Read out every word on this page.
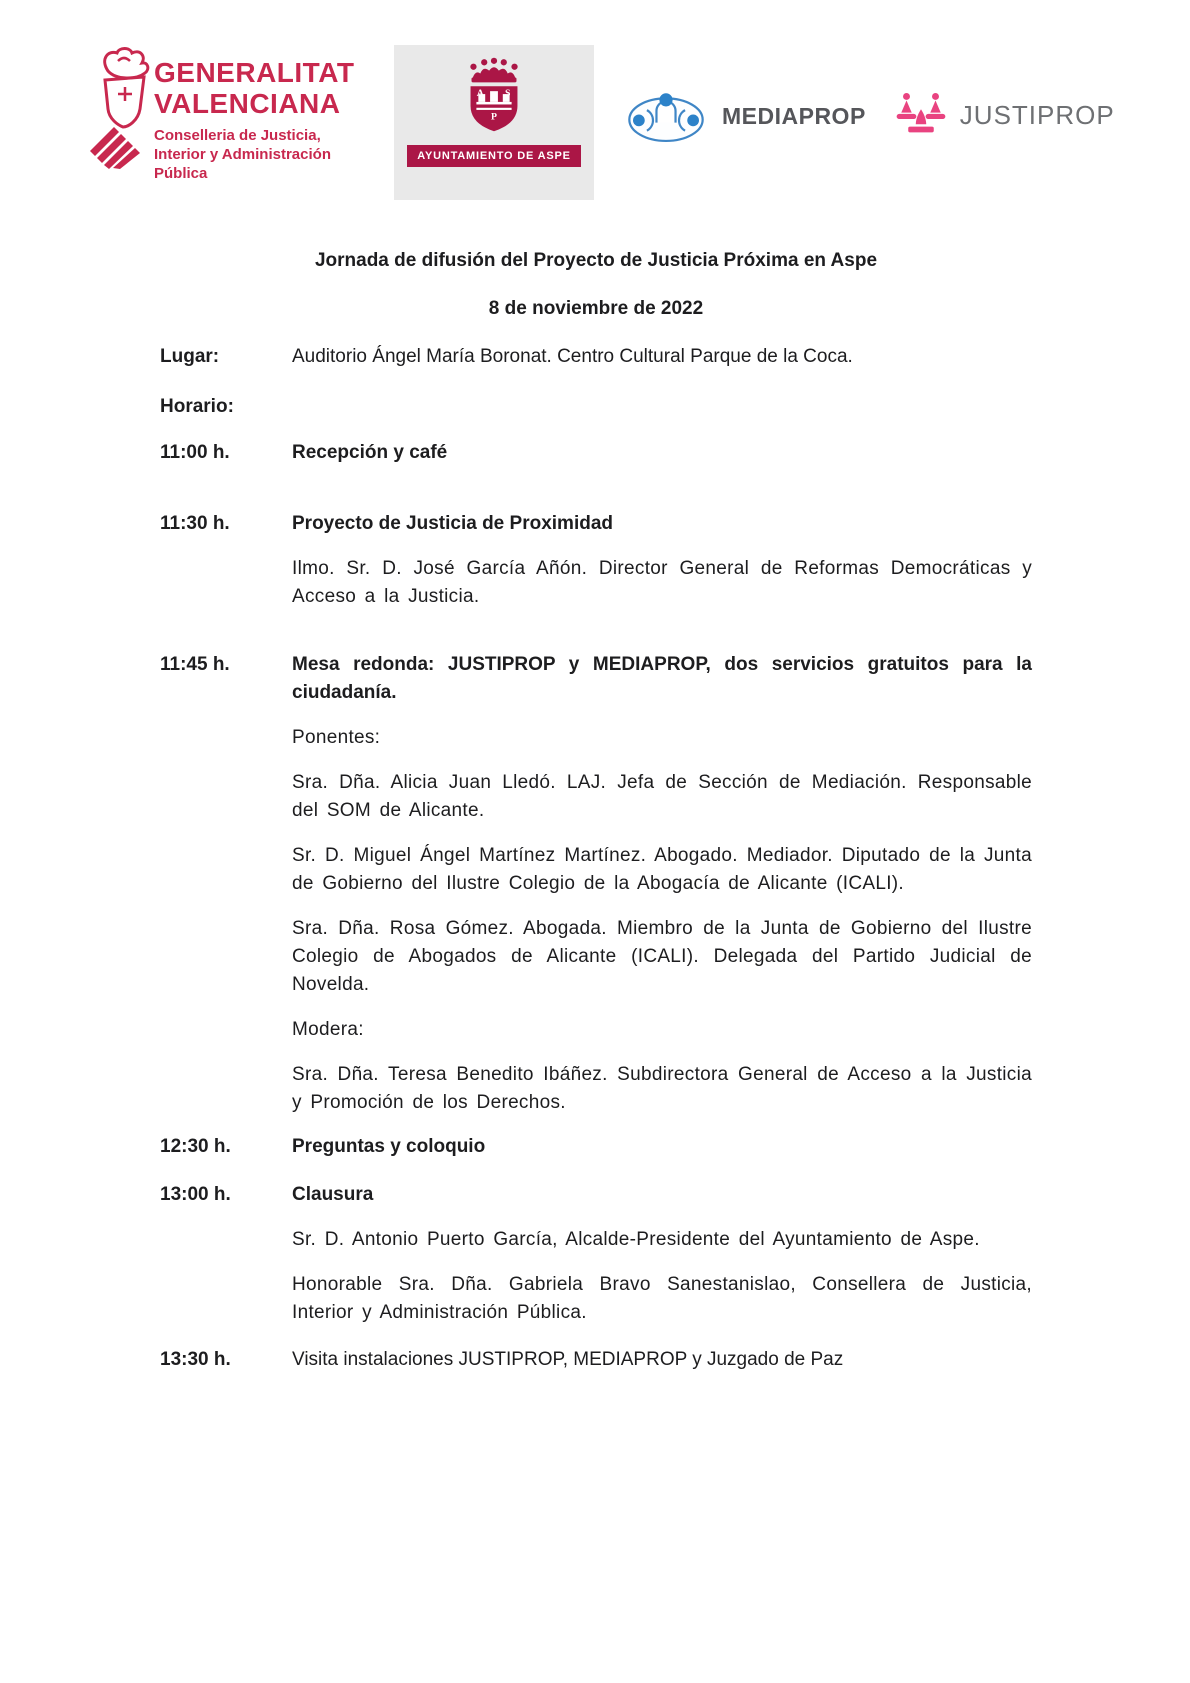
GENERALITAT
VALENCIANA
Conselleria de Justicia,
Interior y Administración Pública
A S
P
AYUNTAMIENTO DE ASPE
MEDIAPROP	JUSTIPROP
Jornada de difusión del Proyecto de Justicia Próxima en Aspe
8 de noviembre de 2022
Lugar:	Auditorio Ángel María Boronat. Centro Cultural Parque de la Coca.
Horario:
11:00 h.	Recepción y café
11:30 h.	Proyecto de Justicia de Proximidad
Ilmo. Sr. D. José García Añón. Director General de Reformas Democráticas y Acceso a la Justicia.
11:45 h.	Mesa redonda: JUSTIPROP y MEDIAPROP, dos servicios gratuitos para la ciudadanía.
Ponentes:
Sra. Dña. Alicia Juan Lledó. LAJ. Jefa de Sección de Mediación. Responsable del SOM de Alicante.
Sr. D. Miguel Ángel Martínez Martínez. Abogado. Mediador. Diputado de la Junta de Gobierno del Ilustre Colegio de la Abogacía de Alicante (ICALI).
Sra. Dña. Rosa Gómez. Abogada. Miembro de la Junta de Gobierno del Ilustre Colegio de Abogados de Alicante (ICALI). Delegada del Partido Judicial de Novelda.
Modera:
Sra. Dña. Teresa Benedito Ibáñez. Subdirectora General de Acceso a la Justicia y Promoción de los Derechos.
12:30 h.	Preguntas y coloquio
13:00 h.	Clausura
Sr. D. Antonio Puerto García, Alcalde-Presidente del Ayuntamiento de Aspe.
Honorable Sra. Dña. Gabriela Bravo Sanestanislao, Consellera de Justicia, Interior y Administración Pública.
13:30 h.	Visita instalaciones JUSTIPROP, MEDIAPROP y Juzgado de Paz
